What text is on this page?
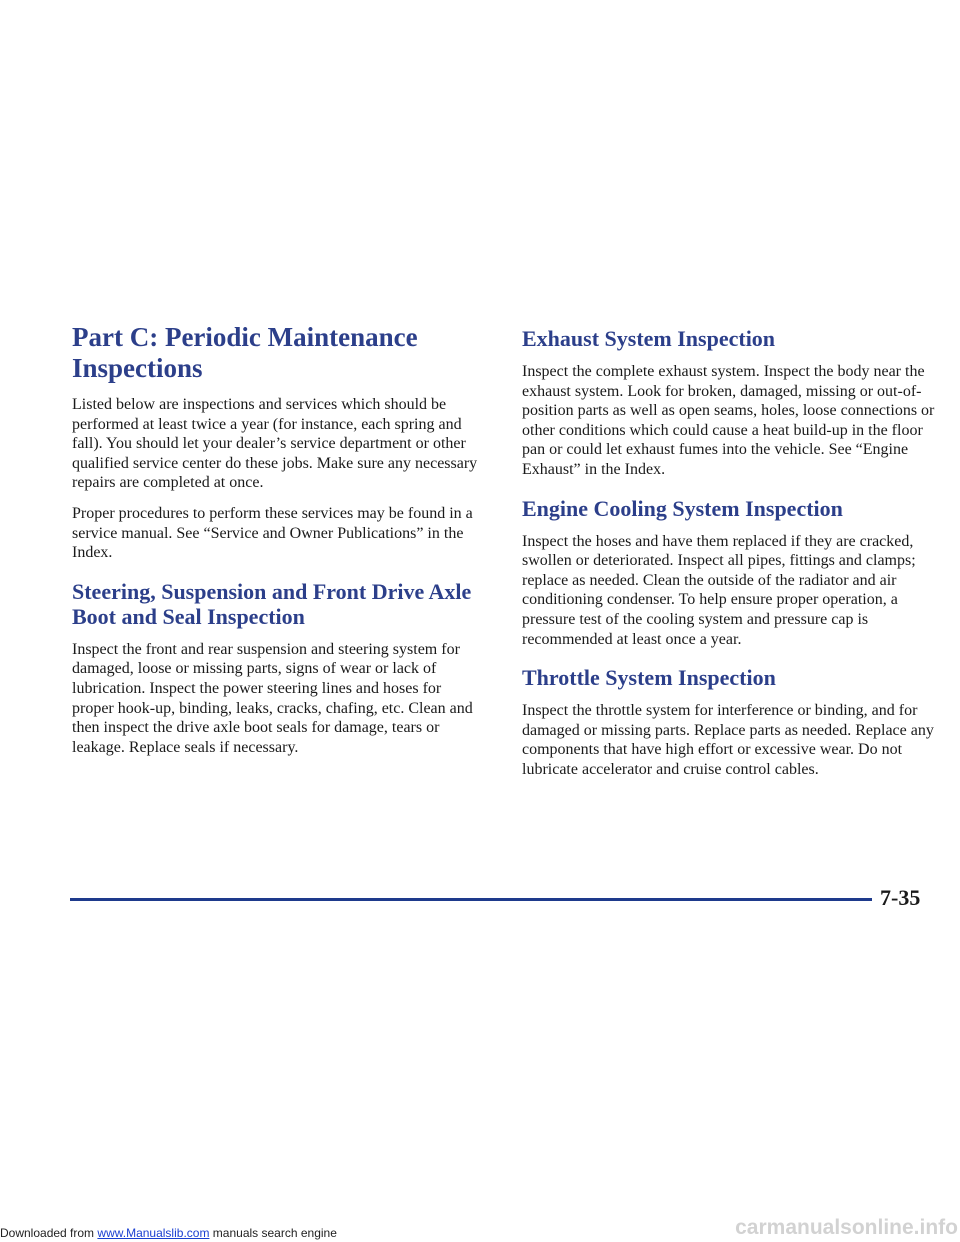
Part C: Periodic Maintenance Inspections

Listed below are inspections and services which should be performed at least twice a year (for instance, each spring and fall). You should let your dealer’s service department or other qualified service center do these jobs. Make sure any necessary repairs are completed at once.

Proper procedures to perform these services may be found in a service manual. See “Service and Owner Publications” in the Index.

Steering, Suspension and Front Drive Axle Boot and Seal Inspection

Inspect the front and rear suspension and steering system for damaged, loose or missing parts, signs of wear or lack of lubrication. Inspect the power steering lines and hoses for proper hook-up, binding, leaks, cracks, chafing, etc. Clean and then inspect the drive axle boot seals for damage, tears or leakage. Replace seals if necessary.

Exhaust System Inspection

Inspect the complete exhaust system. Inspect the body near the exhaust system. Look for broken, damaged, missing or out-of-position parts as well as open seams, holes, loose connections or other conditions which could cause a heat build-up in the floor pan or could let exhaust fumes into the vehicle. See “Engine Exhaust” in the Index.

Engine Cooling System Inspection

Inspect the hoses and have them replaced if they are cracked, swollen or deteriorated. Inspect all pipes, fittings and clamps; replace as needed. Clean the outside of the radiator and air conditioning condenser. To help ensure proper operation, a pressure test of the cooling system and pressure cap is recommended at least once a year.

Throttle System Inspection

Inspect the throttle system for interference or binding, and for damaged or missing parts. Replace parts as needed. Replace any components that have high effort or excessive wear. Do not lubricate accelerator and cruise control cables.

7-35
Downloaded from www.Manualslib.com manuals search engine	carmanualsonline.info
